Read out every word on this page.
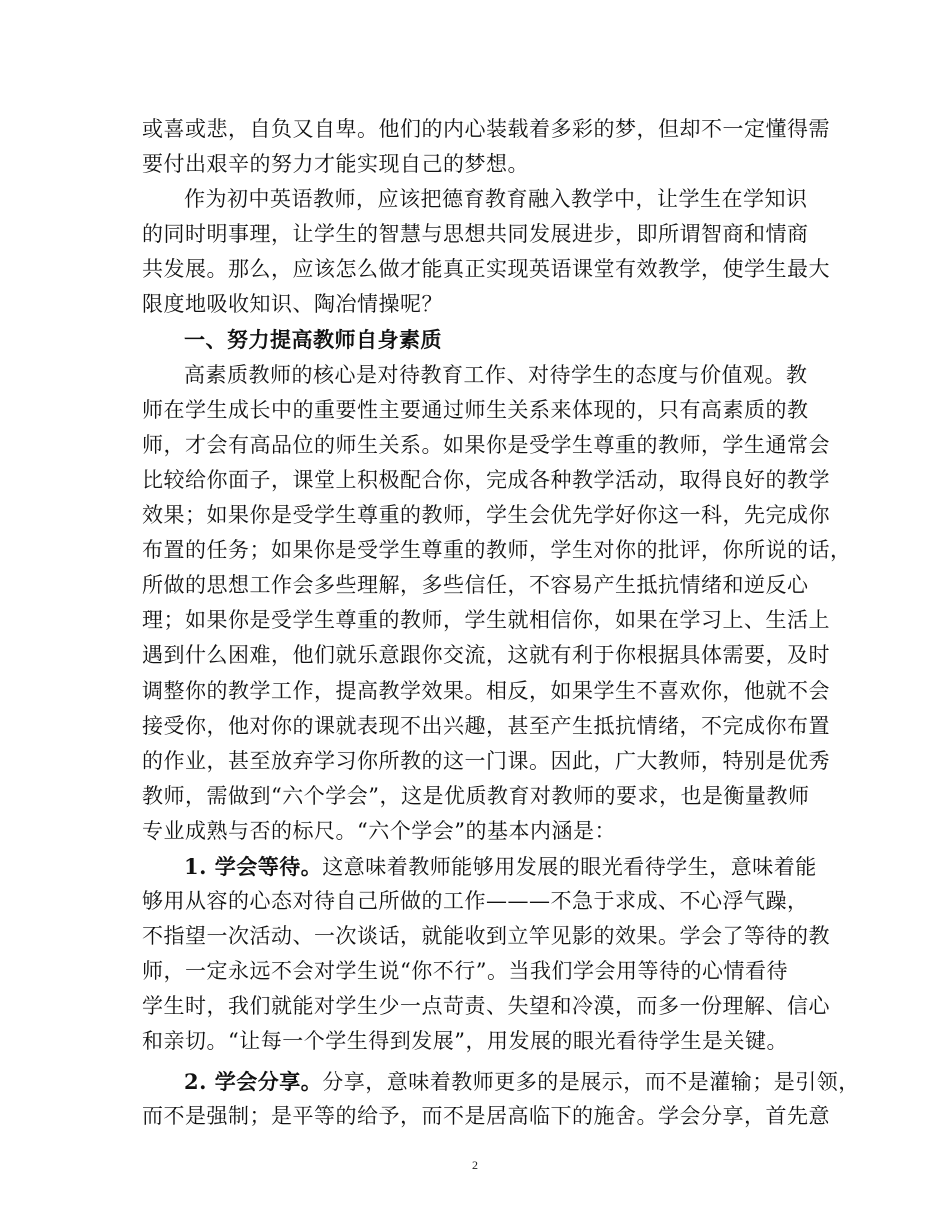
或喜或悲，自负又自卑。他们的内心装载着多彩的梦，但却不一定懂得需
要付出艰辛的努力才能实现自己的梦想。
作为初中英语教师，应该把德育教育融入教学中，让学生在学知识
的同时明事理，让学生的智慧与思想共同发展进步，即所谓智商和情商
共发展。那么，应该怎么做才能真正实现英语课堂有效教学，使学生最大
限度地吸收知识、陶冶情操呢？
一、努力提高教师自身素质
高素质教师的核心是对待教育工作、对待学生的态度与价值观。教
师在学生成长中的重要性主要通过师生关系来体现的，只有高素质的教
师，才会有高品位的师生关系。如果你是受学生尊重的教师，学生通常会
比较给你面子，课堂上积极配合你，完成各种教学活动，取得良好的教学
效果；如果你是受学生尊重的教师，学生会优先学好你这一科，先完成你
布置的任务；如果你是受学生尊重的教师，学生对你的批评，你所说的话，
所做的思想工作会多些理解，多些信任，不容易产生抵抗情绪和逆反心
理；如果你是受学生尊重的教师，学生就相信你，如果在学习上、生活上
遇到什么困难，他们就乐意跟你交流，这就有利于你根据具体需要，及时
调整你的教学工作，提高教学效果。相反，如果学生不喜欢你，他就不会
接受你，他对你的课就表现不出兴趣，甚至产生抵抗情绪，不完成你布置
的作业，甚至放弃学习你所教的这一门课。因此，广大教师，特别是优秀
教师，需做到“六个学会”，这是优质教育对教师的要求，也是衡量教师
专业成熟与否的标尺。“六个学会”的基本内涵是：
1. 学会等待。这意味着教师能够用发展的眼光看待学生，意味着能
够用从容的心态对待自己所做的工作———不急于求成、不心浮气躁，
不指望一次活动、一次谈话，就能收到立竿见影的效果。学会了等待的教
师，一定永远不会对学生说“你不行”。当我们学会用等待的心情看待
学生时，我们就能对学生少一点苛责、失望和冷漠，而多一份理解、信心
和亲切。“让每一个学生得到发展”，用发展的眼光看待学生是关键。
2. 学会分享。分享，意味着教师更多的是展示，而不是灌输；是引领，
而不是强制；是平等的给予，而不是居高临下的施舍。学会分享，首先意
2
